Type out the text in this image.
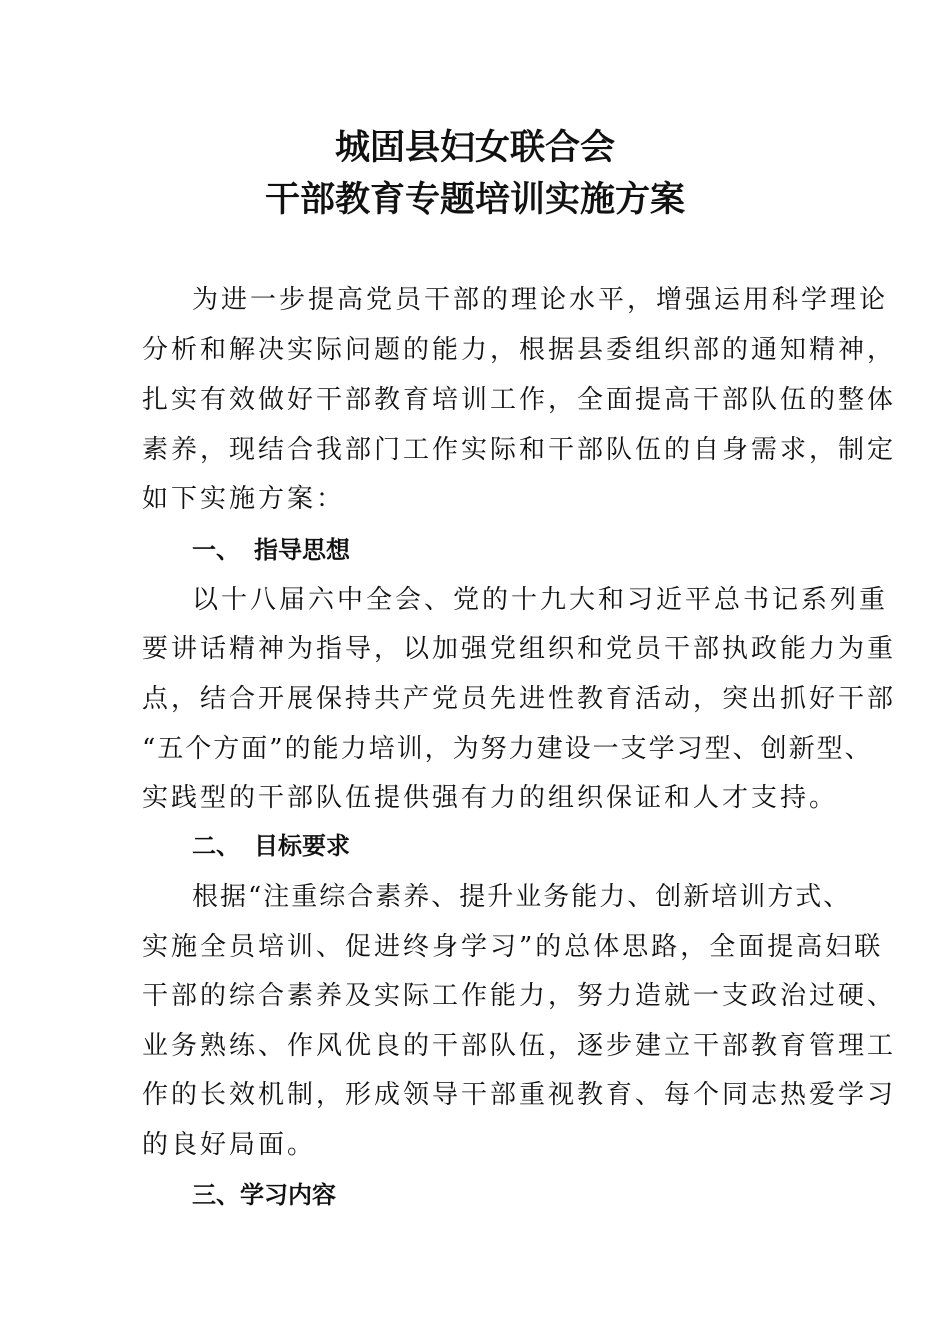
城固县妇女联合会
干部教育专题培训实施方案
为进一步提高党员干部的理论水平，增强运用科学理论
分析和解决实际问题的能力，根据县委组织部的通知精神，
扎实有效做好干部教育培训工作，全面提高干部队伍的整体
素养，现结合我部门工作实际和干部队伍的自身需求，制定
如下实施方案：
一、 指导思想
以十八届六中全会、党的十九大和习近平总书记系列重
要讲话精神为指导，以加强党组织和党员干部执政能力为重
点，结合开展保持共产党员先进性教育活动，突出抓好干部
“五个方面”的能力培训，为努力建设一支学习型、创新型、
实践型的干部队伍提供强有力的组织保证和人才支持。
二、 目标要求
根据“注重综合素养、提升业务能力、创新培训方式、
实施全员培训、促进终身学习”的总体思路，全面提高妇联
干部的综合素养及实际工作能力，努力造就一支政治过硬、
业务熟练、作风优良的干部队伍，逐步建立干部教育管理工
作的长效机制，形成领导干部重视教育、每个同志热爱学习
的良好局面。
三、学习内容
